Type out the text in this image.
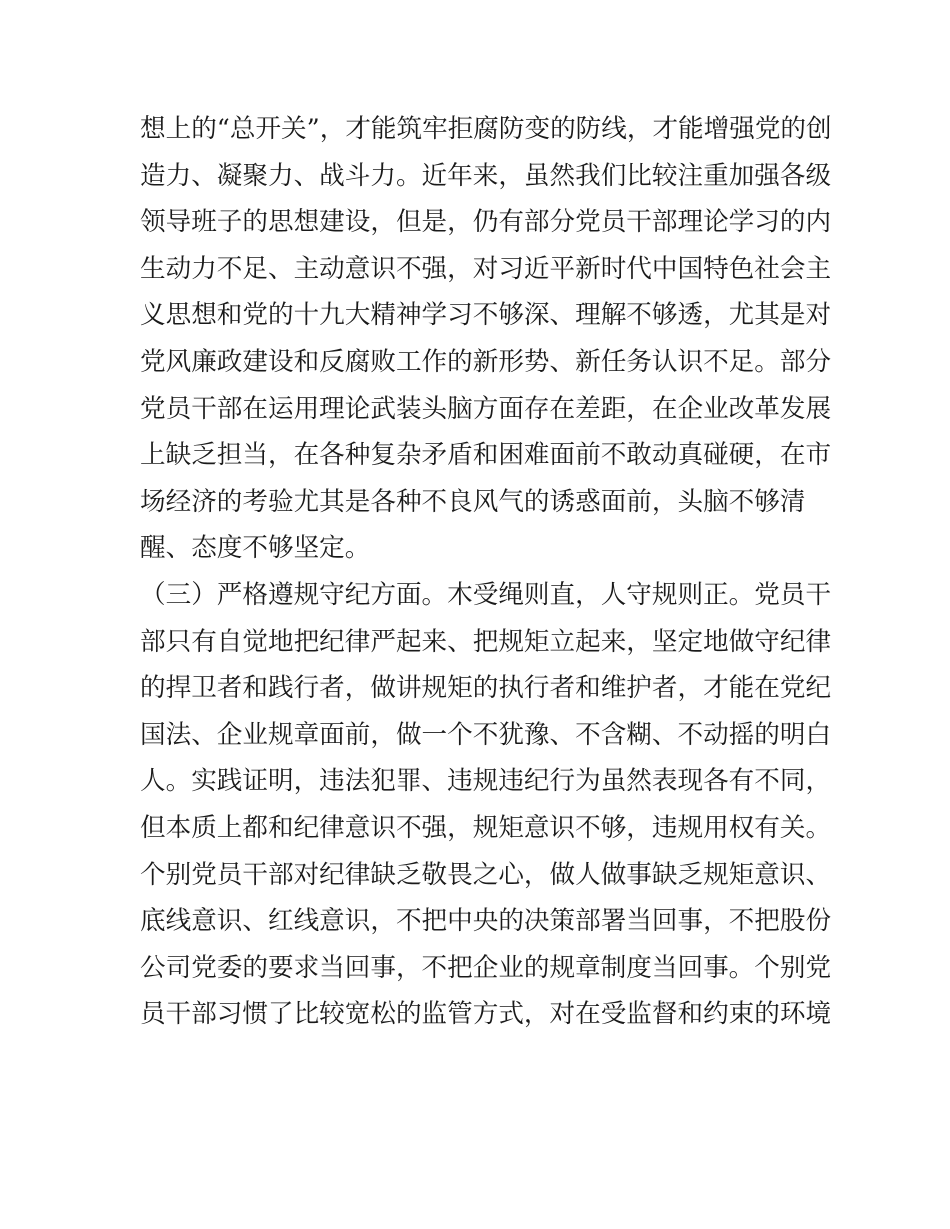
想上的“总开关”，才能筑牢拒腐防变的防线，才能增强党的创
造力、凝聚力、战斗力。近年来，虽然我们比较注重加强各级
领导班子的思想建设，但是，仍有部分党员干部理论学习的内
生动力不足、主动意识不强，对习近平新时代中国特色社会主
义思想和党的十九大精神学习不够深、理解不够透，尤其是对
党风廉政建设和反腐败工作的新形势、新任务认识不足。部分
党员干部在运用理论武装头脑方面存在差距，在企业改革发展
上缺乏担当，在各种复杂矛盾和困难面前不敢动真碰硬，在市
场经济的考验尤其是各种不良风气的诱惑面前，头脑不够清
醒、态度不够坚定。
（三）严格遵规守纪方面。木受绳则直，人守规则正。党员干
部只有自觉地把纪律严起来、把规矩立起来，坚定地做守纪律
的捍卫者和践行者，做讲规矩的执行者和维护者，才能在党纪
国法、企业规章面前，做一个不犹豫、不含糊、不动摇的明白
人。实践证明，违法犯罪、违规违纪行为虽然表现各有不同，
但本质上都和纪律意识不强，规矩意识不够，违规用权有关。
个别党员干部对纪律缺乏敬畏之心，做人做事缺乏规矩意识、
底线意识、红线意识，不把中央的决策部署当回事，不把股份
公司党委的要求当回事，不把企业的规章制度当回事。个别党
员干部习惯了比较宽松的监管方式，对在受监督和约束的环境
